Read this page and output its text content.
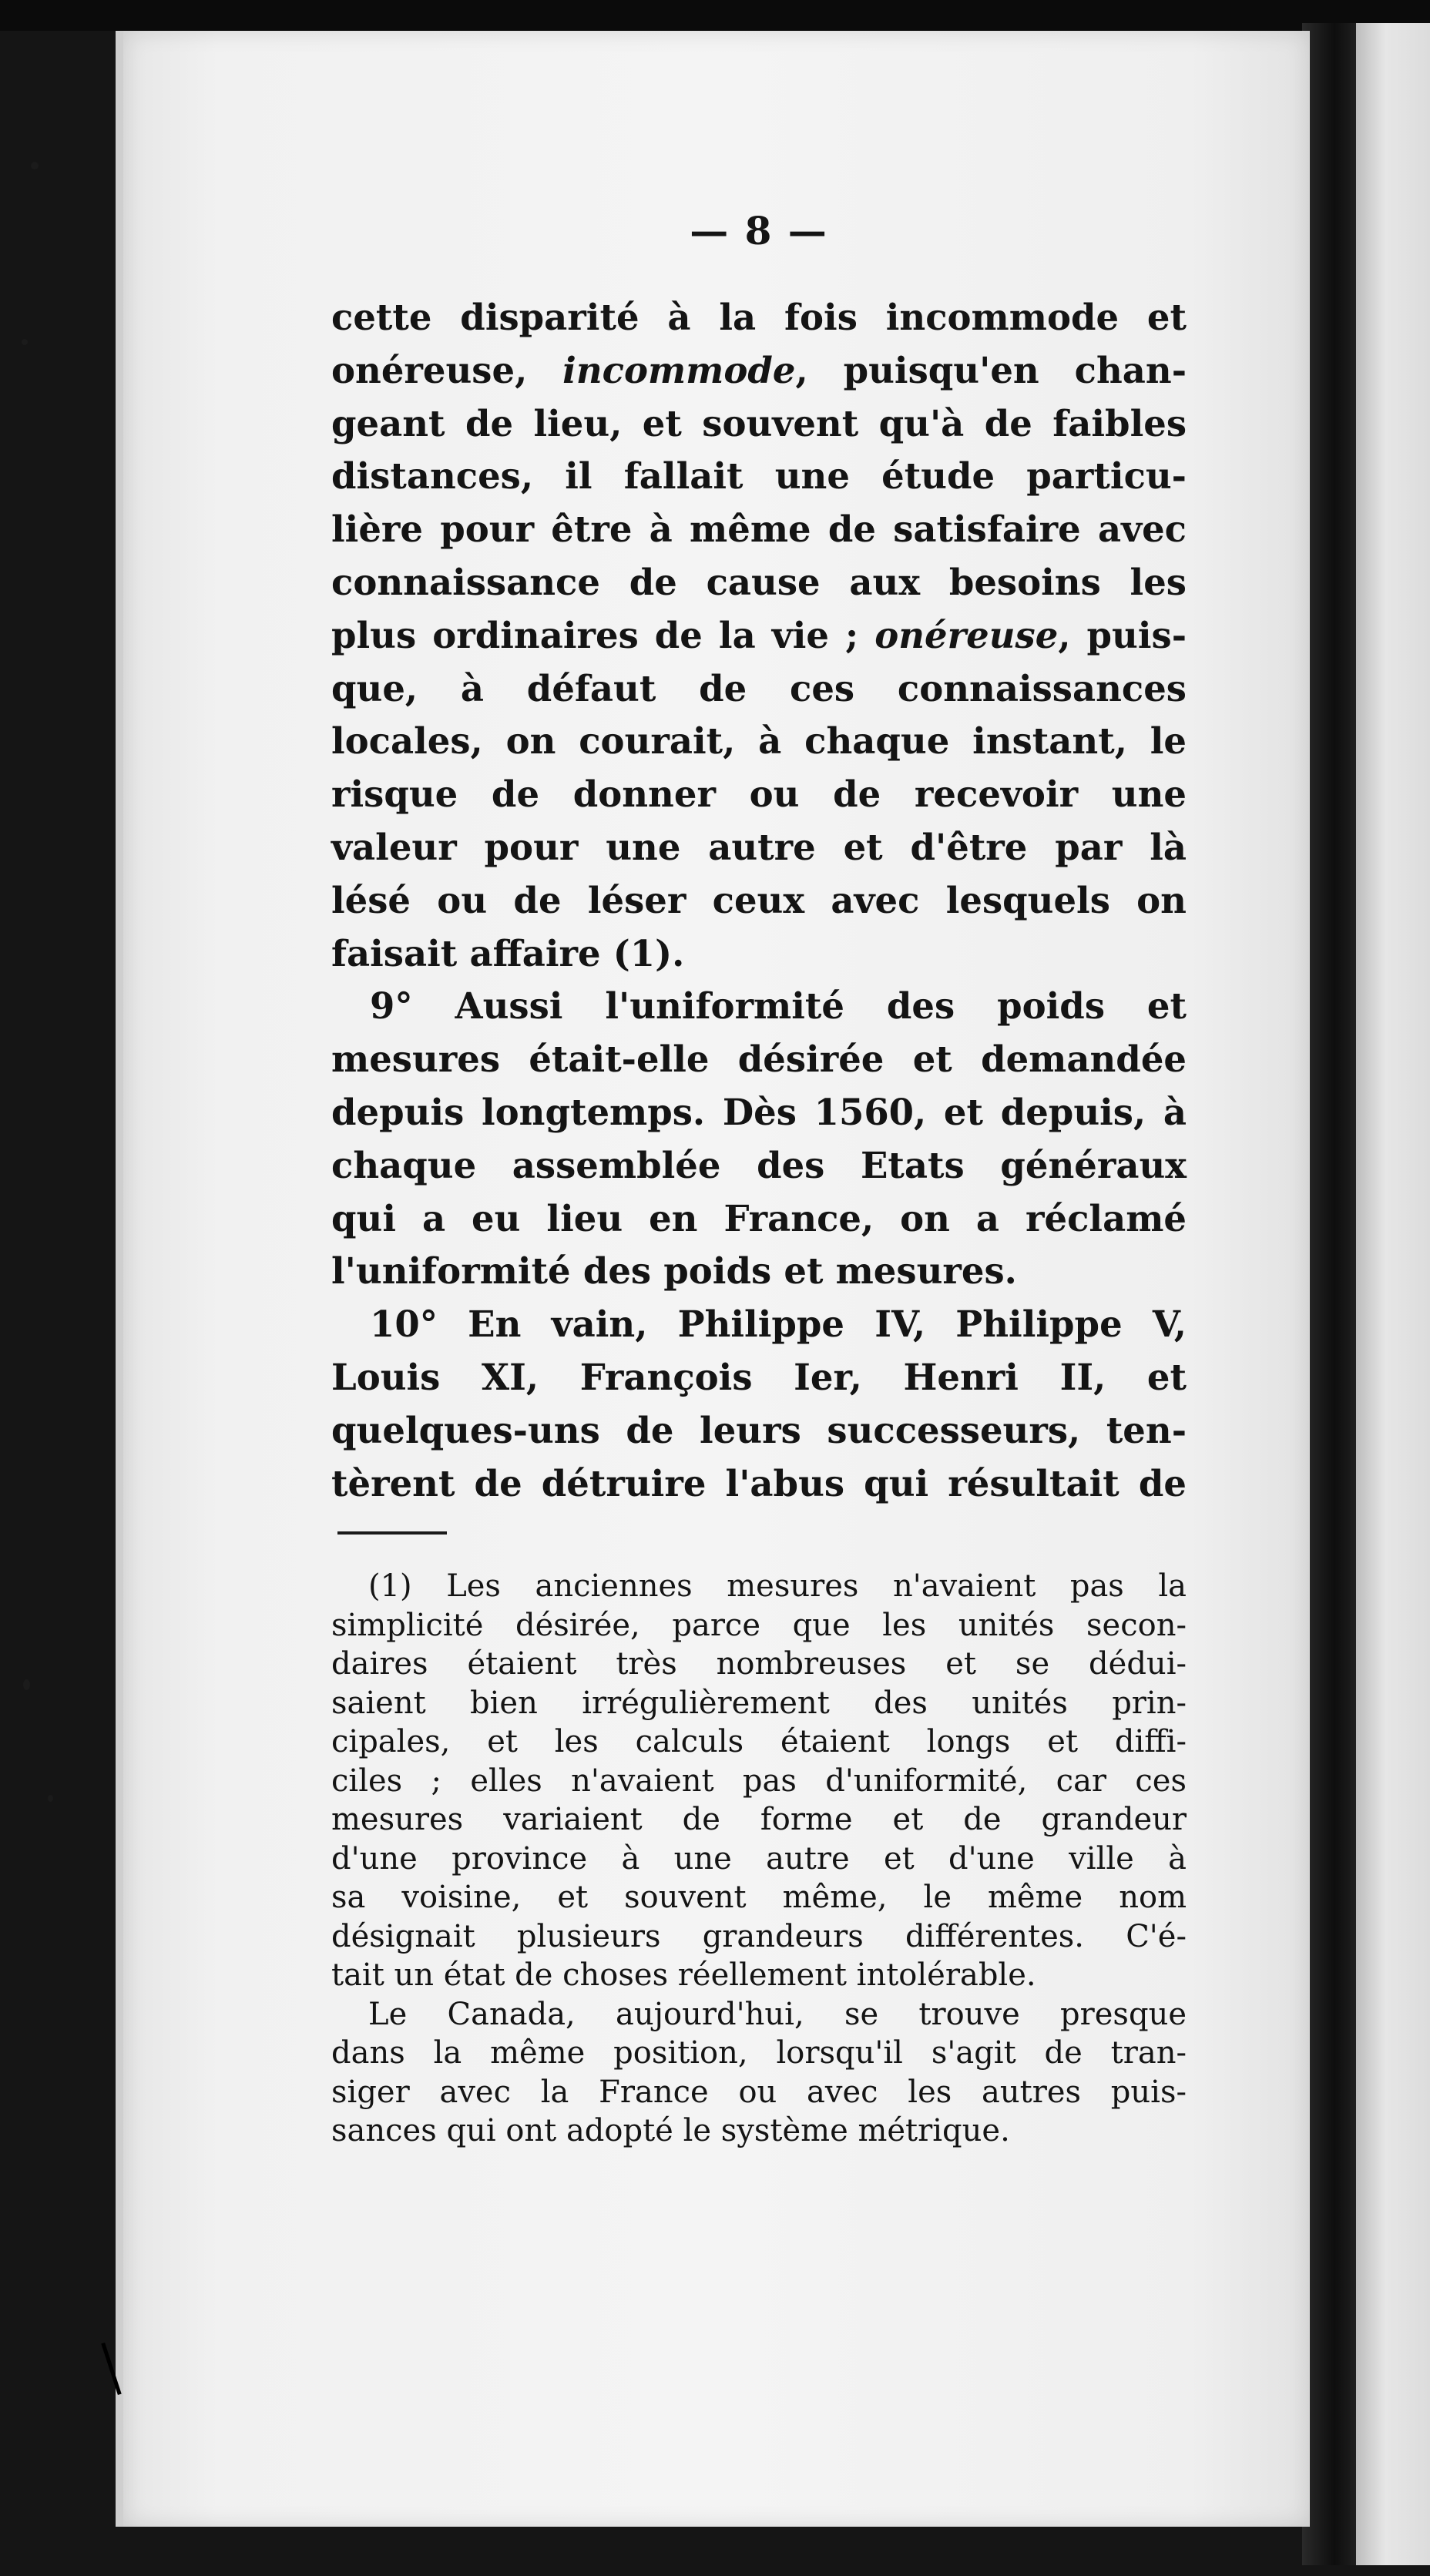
— 8 —
cette disparité à la fois incommode et
onéreuse, incommode, puisqu'en chan-
geant de lieu, et souvent qu'à de faibles
distances, il fallait une étude particu-
lière pour être à même de satisfaire avec
connaissance de cause aux besoins les
plus ordinaires de la vie ; onéreuse, puis-
que, à défaut de ces connaissances
locales, on courait, à chaque instant, le
risque de donner ou de recevoir une
valeur pour une autre et d'être par là
lésé ou de léser ceux avec lesquels on
faisait affaire (1).
9° Aussi l'uniformité des poids et
mesures était-elle désirée et demandée
depuis longtemps. Dès 1560, et depuis, à
chaque assemblée des Etats généraux
qui a eu lieu en France, on a réclamé
l'uniformité des poids et mesures.
10° En vain, Philippe IV, Philippe V,
Louis XI, François Ier, Henri II, et
quelques-uns de leurs successeurs, ten-
tèrent de détruire l'abus qui résultait de
(1) Les anciennes mesures n'avaient pas la
simplicité désirée, parce que les unités secon-
daires étaient très nombreuses et se dédui-
saient bien irrégulièrement des unités prin-
cipales, et les calculs étaient longs et diffi-
ciles ; elles n'avaient pas d'uniformité, car ces
mesures variaient de forme et de grandeur
d'une province à une autre et d'une ville à
sa voisine, et souvent même, le même nom
désignait plusieurs grandeurs différentes. C'é-
tait un état de choses réellement intolérable.
Le Canada, aujourd'hui, se trouve presque
dans la même position, lorsqu'il s'agit de tran-
siger avec la France ou avec les autres puis-
sances qui ont adopté le système métrique.
